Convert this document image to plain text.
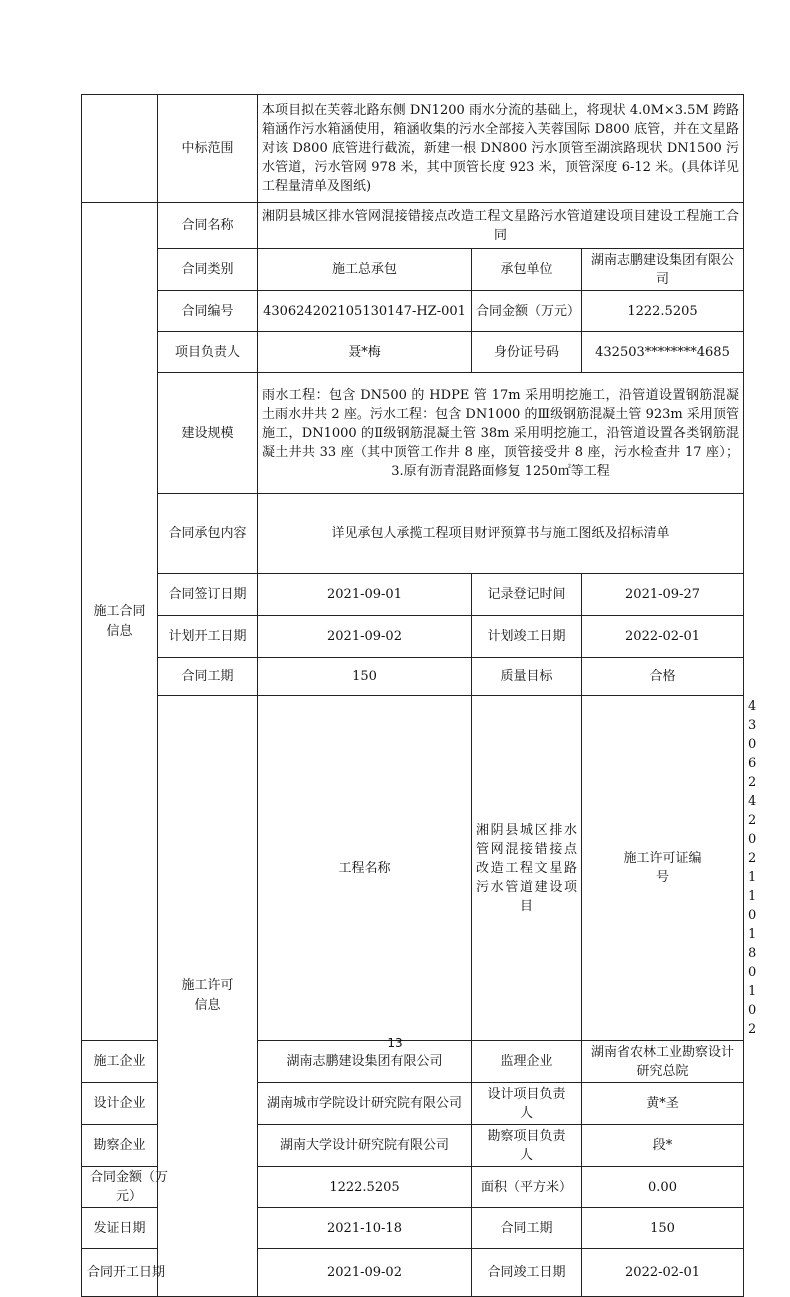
	中标范围	本项目拟在芙蓉北路东侧 DN1200 雨水分流的基础上，将现状 4.0M×3.5M 跨路箱涵作污水箱涵使用，箱涵收集的污水全部接入芙蓉国际 D800 底管，并在文星路对该 D800 底管进行截流，新建一根 DN800 污水顶管至湖滨路现状 DN1500 污水管道，污水管网 978 米，其中顶管长度 923 米，顶管深度 6-12 米。(具体详见工程量清单及图纸)			
施工合同信息	合同名称	湘阴县城区排水管网混接错接点改造工程文星路污水管道建设项目建设工程施工合同			
	合同类别	施工总承包	承包单位	湖南志鹏建设集团有限公司	
	合同编号	430624202105130147-HZ-001	合同金额（万元）	1222.5205	
	项目负责人	聂*梅	身份证号码	432503********4685	
	建设规模	雨水工程：包含 DN500 的 HDPE 管 17m 采用明挖施工，沿管道设置钢筋混凝土雨水井共 2 座。污水工程：包含 DN1000 的Ⅲ级钢筋混凝土管 923m 采用顶管施工，DN1000 的Ⅱ级钢筋混凝土管 38m 采用明挖施工，沿管道设置各类钢筋混凝土井共 33 座（其中顶管工作井 8 座，顶管接受井 8 座，污水检查井 17 座）；3.原有沥青混路面修复 1250㎡等工程			
	合同承包内容	详见承包人承揽工程项目财评预算书与施工图纸及招标清单			
	合同签订日期	2021-09-01	记录登记时间	2021-09-27	
	计划开工日期	2021-09-02	计划竣工日期	2022-02-01	
	合同工期	150	质量目标	合格	
	施工许可信息	工程名称	湘阴县城区排水管网混接错接点改造工程文星路污水管道建设项目	施工许可证编号	430624202110180102
施工企业		湖南志鹏建设集团有限公司	监理企业	湖南省农林工业勘察设计研究总院	
设计企业		湖南城市学院设计研究院有限公司	设计项目负责人	黄*圣	
勘察企业		湖南大学设计研究院有限公司	勘察项目负责人	段*	
合同金额（万元）		1222.5205	面积（平方米）	0.00	
发证日期		2021-10-18	合同工期	150	
合同开工日期		2021-09-02	合同竣工日期	2022-02-01	
13
